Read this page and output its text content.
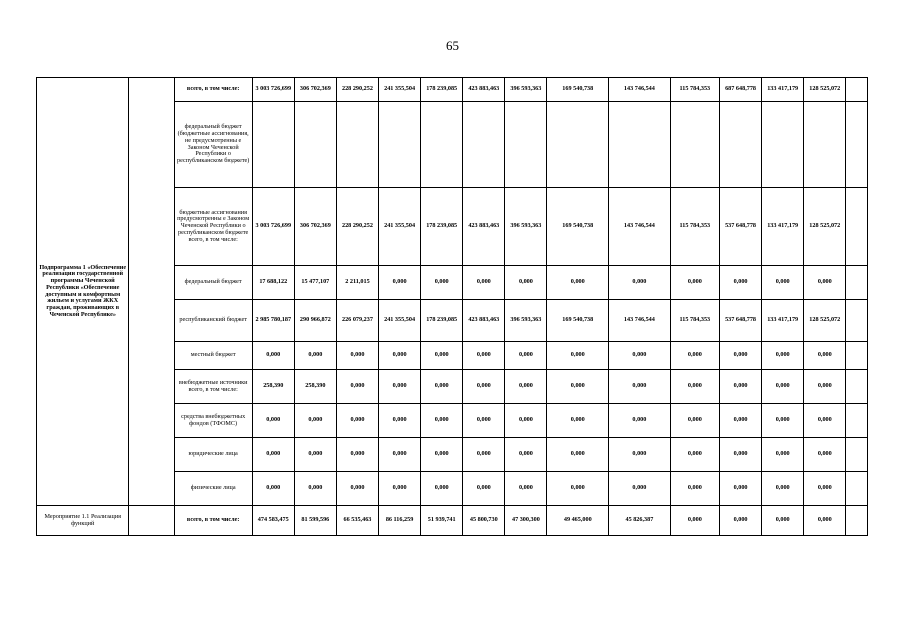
65
Подпрограмма 1 «Обеспечение реализации государственной программы Чеченской Республики «Обеспечение доступным и комфортным жильем и услугами ЖКХ граждан, проживающих в Чеченской Республике»		всего, в том числе:	3 003 726,699	306 702,369	228 290,252	241 355,504	178 239,085	423 883,463	396 593,363	169 540,738	143 746,544	115 784,353	687 648,778	133 417,179	128 525,072	
		федеральный бюджет (бюджетные ассигнования, не предусмотренны е Законом Чеченской Республики о республиканском бюджете)														
		бюджетные ассигнования предусмотренны е Законом Чеченской Республики о республиканском бюджете всего, в том числе:	3 003 726,699	306 702,369	228 290,252	241 355,504	178 239,085	423 883,463	396 593,363	169 540,738	143 746,544	115 784,353	537 648,778	133 417,179	128 525,072	
		федеральный бюджет	17 688,122	15 477,107	2 211,015	0,000	0,000	0,000	0,000	0,000	0,000	0,000	0,000	0,000	0,000	
		республиканский бюджет	2 985 780,187	290 966,872	226 079,237	241 355,504	178 239,085	423 883,463	396 593,363	169 540,738	143 746,544	115 784,353	537 648,778	133 417,179	128 525,072	
		местный бюджет	0,000	0,000	0,000	0,000	0,000	0,000	0,000	0,000	0,000	0,000	0,000	0,000	0,000	
		внебюджетные источники всего, в том числе:	258,390	258,390	0,000	0,000	0,000	0,000	0,000	0,000	0,000	0,000	0,000	0,000	0,000	
		средства внебюджетных фондов (ТФОМС)	0,000	0,000	0,000	0,000	0,000	0,000	0,000	0,000	0,000	0,000	0,000	0,000	0,000	
		юридические лица	0,000	0,000	0,000	0,000	0,000	0,000	0,000	0,000	0,000	0,000	0,000	0,000	0,000	
		физические лица	0,000	0,000	0,000	0,000	0,000	0,000	0,000	0,000	0,000	0,000	0,000	0,000	0,000	
Мероприятие 1.1 Реализация функций		всего, в том числе:	474 583,475	81 599,596	66 535,463	86 116,259	51 939,741	45 800,730	47 300,300	49 465,000	45 826,387	0,000	0,000	0,000	0,000	
